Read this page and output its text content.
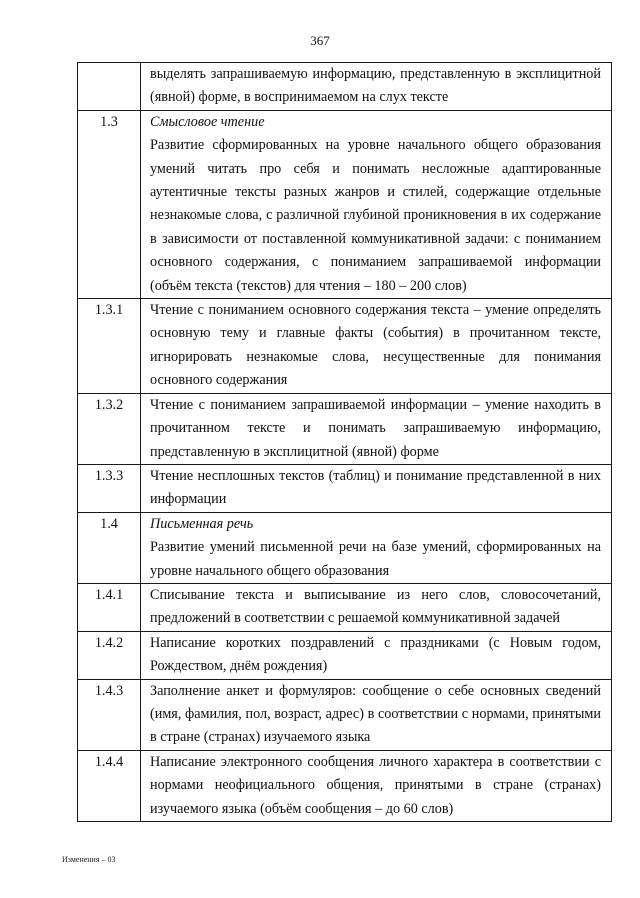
367

	выделять запрашиваемую информацию, представленную в эксплицитной (явной) форме, в воспринимаемом на слух тексте

1.3	Смысловое чтение
Развитие сформированных на уровне начального общего образования умений читать про себя и понимать несложные адаптированные аутентичные тексты разных жанров и стилей, содержащие отдельные незнакомые слова, с различной глубиной проникновения в их содержание в зависимости от поставленной коммуникативной задачи: с пониманием основного содержания, с пониманием запрашиваемой информации (объём текста (текстов) для чтения – 180 – 200 слов)

1.3.1	Чтение с пониманием основного содержания текста – умение определять основную тему и главные факты (события) в прочитанном тексте, игнорировать незнакомые слова, несущественные для понимания основного содержания

1.3.2	Чтение с пониманием запрашиваемой информации – умение находить в прочитанном тексте и понимать запрашиваемую информацию, представленную в эксплицитной (явной) форме

1.3.3	Чтение несплошных текстов (таблиц) и понимание представленной в них информации

1.4	Письменная речь
Развитие умений письменной речи на базе умений, сформированных на уровне начального общего образования

1.4.1	Списывание текста и выписывание из него слов, словосочетаний, предложений в соответствии с решаемой коммуникативной задачей

1.4.2	Написание коротких поздравлений с праздниками (с Новым годом, Рождеством, днём рождения)

1.4.3	Заполнение анкет и формуляров: сообщение о себе основных сведений (имя, фамилия, пол, возраст, адрес) в соответствии с нормами, принятыми в стране (странах) изучаемого языка

1.4.4	Написание электронного сообщения личного характера в соответствии с нормами неофициального общения, принятыми в стране (странах) изучаемого языка (объём сообщения – до 60 слов)
Изменения – 03
